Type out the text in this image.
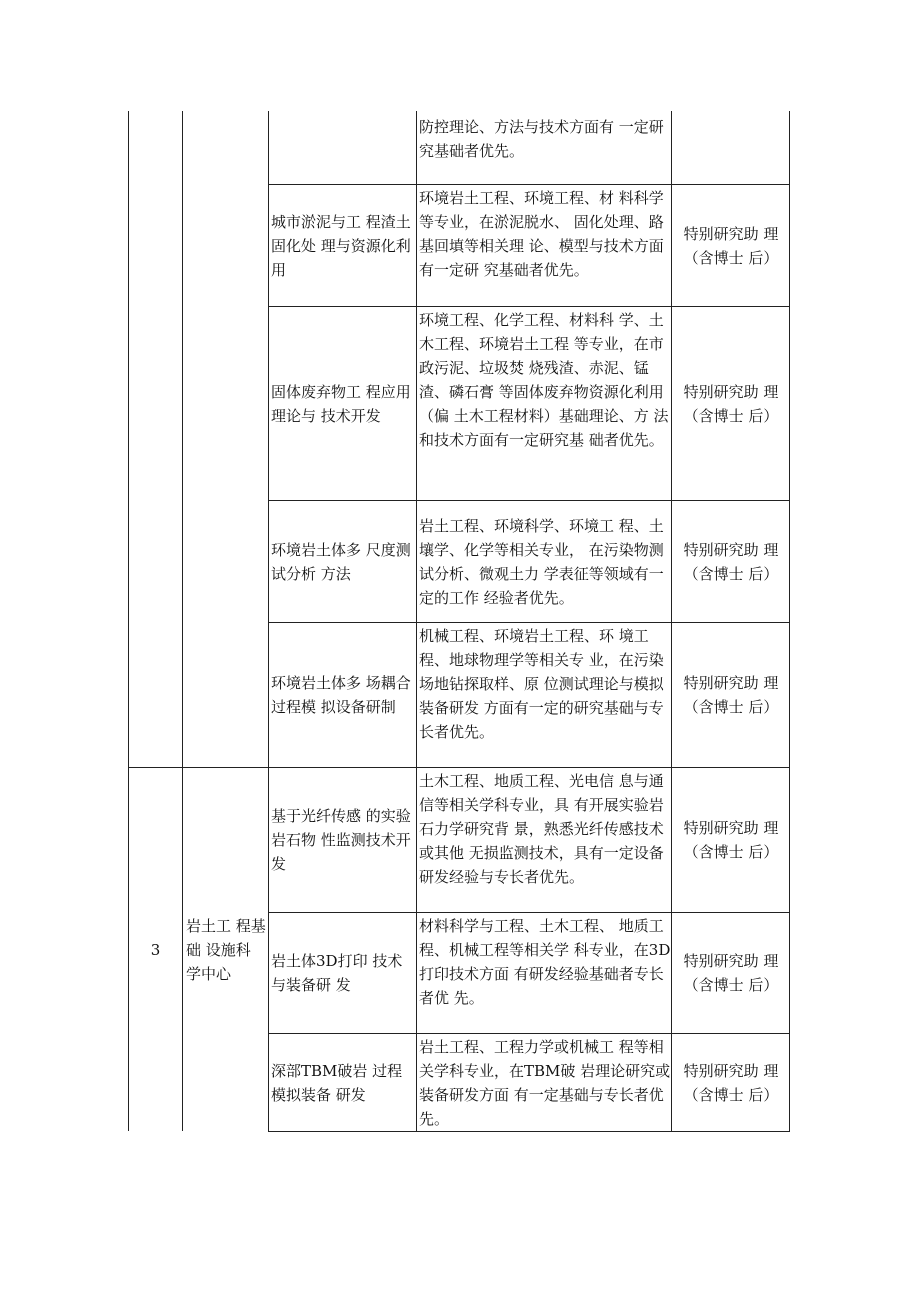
防控理论、方法与技术方面有 一定研究基础者优先。
城市淤泥与工 程渣土固化处 理与资源化利 用
环境岩土工程、环境工程、材 料科学等专业，在淤泥脱水、 固化处理、路基回填等相关理 论、模型与技术方面有一定研 究基础者优先。
特别研究助 理（含博士 后）
固体废弃物工 程应用理论与 技术开发
环境工程、化学工程、材料科 学、土木工程、环境岩土工程 等专业，在市政污泥、垃圾焚 烧残渣、赤泥、锰渣、磷石膏 等固体废弃物资源化利用（偏 土木工程材料）基础理论、方 法和技术方面有一定研究基 础者优先。
特别研究助 理（含博士 后）
环境岩土体多 尺度测试分析 方法
岩土工程、环境科学、环境工 程、土壤学、化学等相关专业， 在污染物测试分析、微观土力 学表征等领域有一定的工作 经验者优先。
特别研究助 理（含博士 后）
环境岩土体多 场耦合过程模 拟设备研制
机械工程、环境岩土工程、环 境工程、地球物理学等相关专 业，在污染场地钻探取样、原 位测试理论与模拟装备研发 方面有一定的研究基础与专 长者优先。
特别研究助 理（含博士 后）
3
岩土工 程基础 设施科 学中心
基于光纤传感 的实验岩石物 性监测技术开 发
土木工程、地质工程、光电信 息与通信等相关学科专业，具 有开展实验岩石力学研究背 景，熟悉光纤传感技术或其他 无损监测技术，具有一定设备 研发经验与专长者优先。
特别研究助 理（含博士 后）
岩土体3D打印 技术与装备研 发
材料科学与工程、土木工程、 地质工程、机械工程等相关学 科专业，在3D打印技术方面 有研发经验基础者专长者优 先。
特别研究助 理（含博士 后）
深部TBM破岩 过程模拟装备 研发
岩土工程、工程力学或机械工 程等相关学科专业，在TBM破 岩理论研究或装备研发方面 有一定基础与专长者优先。
特别研究助 理（含博士 后）
